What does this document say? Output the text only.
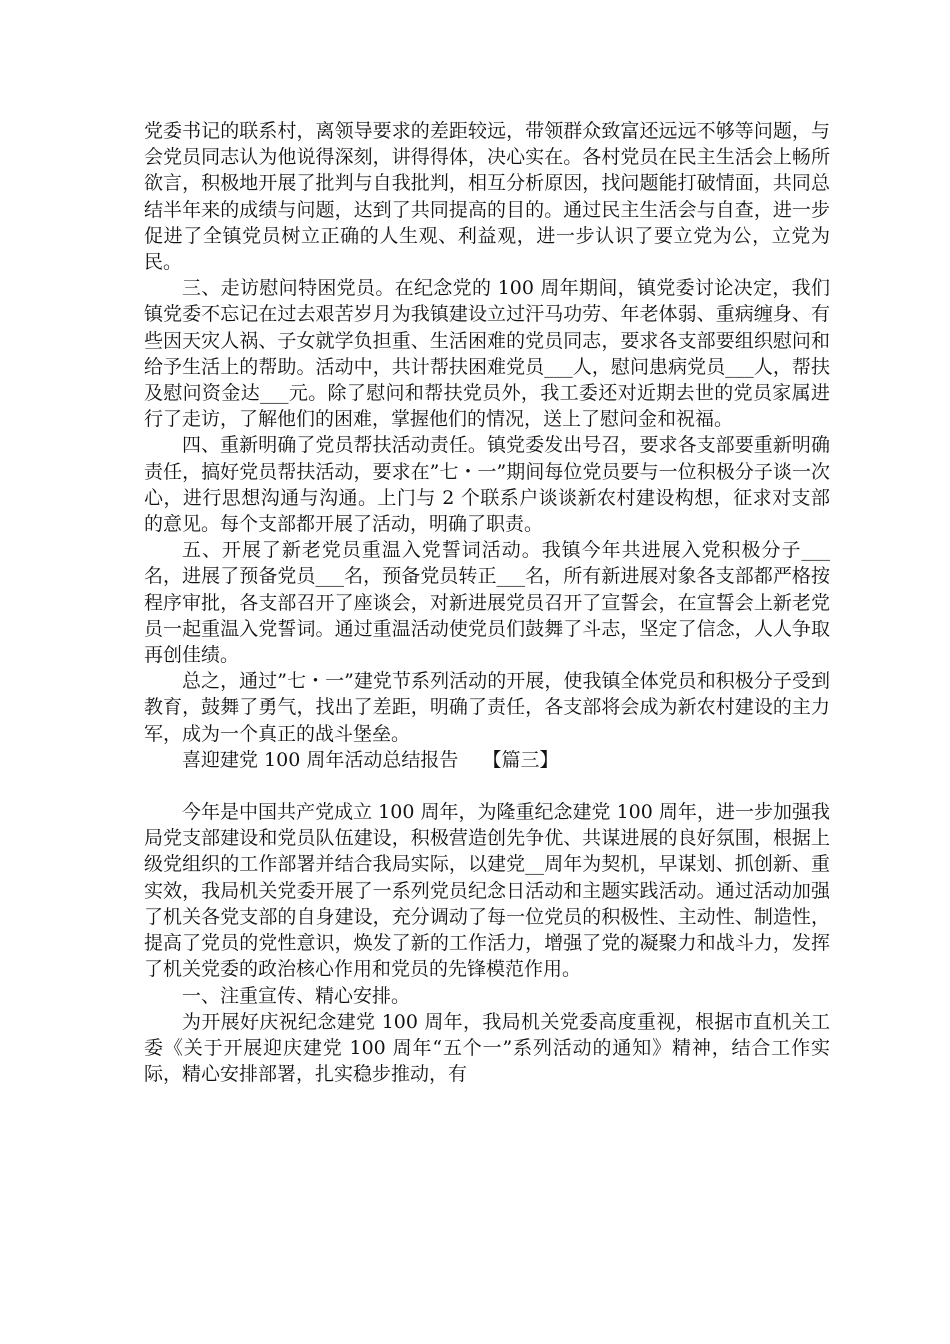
党委书记的联系村，离领导要求的差距较远，带领群众致富还远远不够等问题，与会党员同志认为他说得深刻，讲得得体，决心实在。各村党员在民主生活会上畅所欲言，积极地开展了批判与自我批判，相互分析原因，找问题能打破情面，共同总结半年来的成绩与问题，达到了共同提高的目的。通过民主生活会与自查，进一步促进了全镇党员树立正确的人生观、利益观，进一步认识了要立党为公，立党为民。

三、走访慰问特困党员。在纪念党的 100 周年期间，镇党委讨论决定，我们镇党委不忘记在过去艰苦岁月为我镇建设立过汗马功劳、年老体弱、重病缠身、有些因天灾人祸、子女就学负担重、生活困难的党员同志，要求各支部要组织慰问和给予生活上的帮助。活动中，共计帮扶困难党员___人，慰问患病党员___人，帮扶及慰问资金达___元。除了慰问和帮扶党员外，我工委还对近期去世的党员家属进行了走访，了解他们的困难，掌握他们的情况，送上了慰问金和祝福。

四、重新明确了党员帮扶活动责任。镇党委发出号召，要求各支部要重新明确责任，搞好党员帮扶活动，要求在”七・一”期间每位党员要与一位积极分子谈一次心，进行思想沟通与沟通。上门与 2 个联系户谈谈新农村建设构想，征求对支部的意见。每个支部都开展了活动，明确了职责。

五、开展了新老党员重温入党誓词活动。我镇今年共进展入党积极分子___名，进展了预备党员___名，预备党员转正___名，所有新进展对象各支部都严格按程序审批，各支部召开了座谈会，对新进展党员召开了宣誓会，在宣誓会上新老党员一起重温入党誓词。通过重温活动使党员们鼓舞了斗志，坚定了信念，人人争取再创佳绩。

总之，通过”七・一”建党节系列活动的开展，使我镇全体党员和积极分子受到教育，鼓舞了勇气，找出了差距，明确了责任，各支部将会成为新农村建设的主力军，成为一个真正的战斗堡垒。

喜迎建党 100 周年活动总结报告 【篇三】

今年是中国共产党成立 100 周年，为隆重纪念建党 100 周年，进一步加强我局党支部建设和党员队伍建设，积极营造创先争优、共谋进展的良好氛围，根据上级党组织的工作部署并结合我局实际，以建党__周年为契机，早谋划、抓创新、重实效，我局机关党委开展了一系列党员纪念日活动和主题实践活动。通过活动加强了机关各党支部的自身建设，充分调动了每一位党员的积极性、主动性、制造性，提高了党员的党性意识，焕发了新的工作活力，增强了党的凝聚力和战斗力，发挥了机关党委的政治核心作用和党员的先锋模范作用。

一、注重宣传、精心安排。

为开展好庆祝纪念建党 100 周年，我局机关党委高度重视，根据市直机关工委《关于开展迎庆建党 100 周年“五个一”系列活动的通知》精神，结合工作实际，精心安排部署，扎实稳步推动，有
